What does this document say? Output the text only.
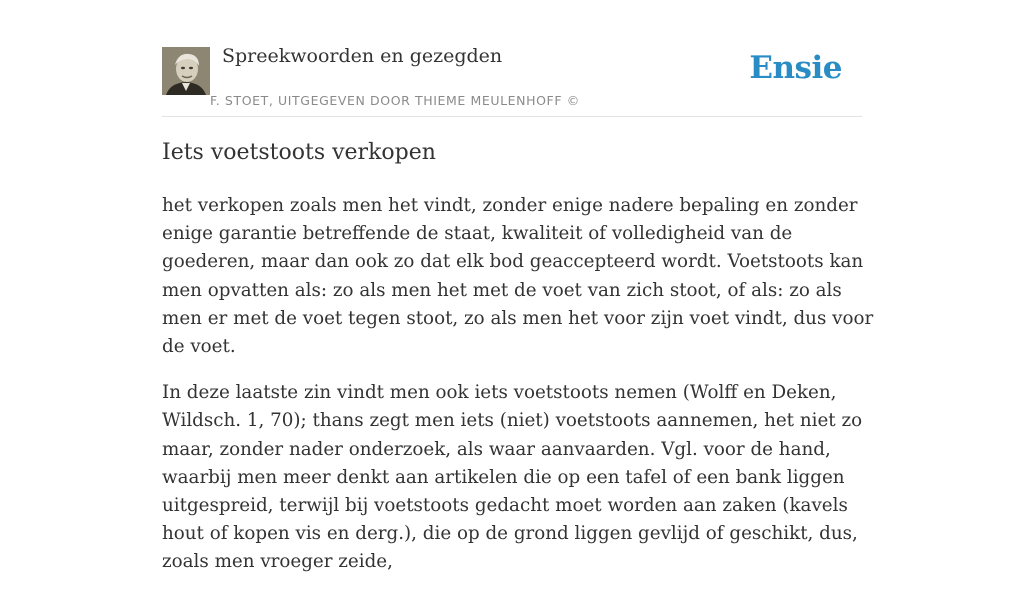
Spreekwoorden en gezegden
F. STOET, UITGEGEVEN DOOR THIEME MEULENHOFF ©
Ensie
Iets voetstoots verkopen

het verkopen zoals men het vindt, zonder enige nadere bepaling en zonder enige garantie betreffende de staat, kwaliteit of volledigheid van de goederen, maar dan ook zo dat elk bod geaccepteerd wordt. Voetstoots kan men opvatten als: zo als men het met de voet van zich stoot, of als: zo als men er met de voet tegen stoot, zo als men het voor zijn voet vindt, dus voor de voet.

In deze laatste zin vindt men ook iets voetstoots nemen (Wolff en Deken, Wildsch. 1, 70); thans zegt men iets (niet) voetstoots aannemen, het niet zo maar, zonder nader onderzoek, als waar aanvaarden. Vgl. voor de hand, waarbij men meer denkt aan artikelen die op een tafel of een bank liggen uitgespreid, terwijl bij voetstoots gedacht moet worden aan zaken (kavels hout of kopen vis en derg.), die op de grond liggen gevlijd of geschikt, dus, zoals men vroeger zeide,
